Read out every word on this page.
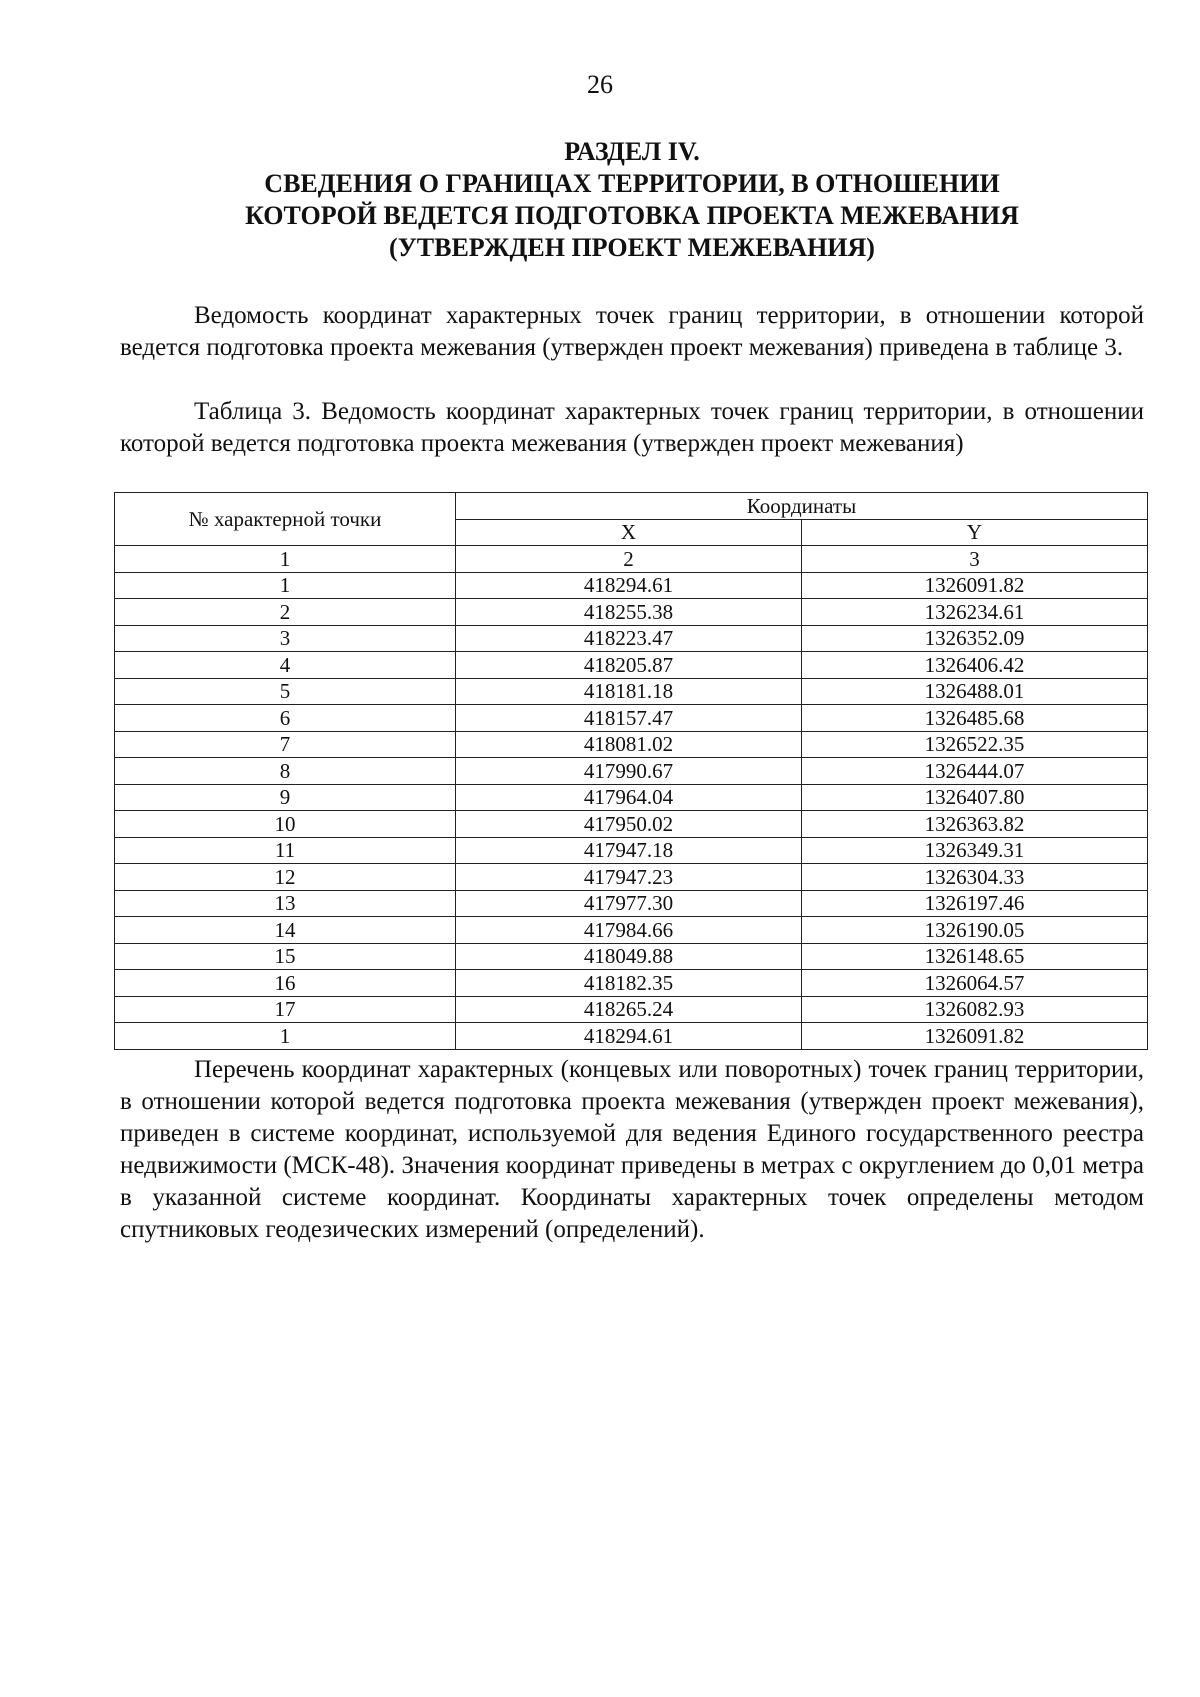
26
РАЗДЕЛ IV.
СВЕДЕНИЯ О ГРАНИЦАХ ТЕРРИТОРИИ, В ОТНОШЕНИИ
КОТОРОЙ ВЕДЕТСЯ ПОДГОТОВКА ПРОЕКТА МЕЖЕВАНИЯ
(УТВЕРЖДЕН ПРОЕКТ МЕЖЕВАНИЯ)

Ведомость координат характерных точек границ территории, в отношении которой ведется подготовка проекта межевания (утвержден проект межевания) приведена в таблице 3.

Таблица 3. Ведомость координат характерных точек границ территории, в отношении которой ведется подготовка проекта межевания (утвержден проект межевания)

№ характерной точки	Координаты	
	X	Y
1	2	3
1	418294.61	1326091.82
2	418255.38	1326234.61
3	418223.47	1326352.09
4	418205.87	1326406.42
5	418181.18	1326488.01
6	418157.47	1326485.68
7	418081.02	1326522.35
8	417990.67	1326444.07
9	417964.04	1326407.80
10	417950.02	1326363.82
11	417947.18	1326349.31
12	417947.23	1326304.33
13	417977.30	1326197.46
14	417984.66	1326190.05
15	418049.88	1326148.65
16	418182.35	1326064.57
17	418265.24	1326082.93
1	418294.61	1326091.82

Перечень координат характерных (концевых или поворотных) точек границ территории, в отношении которой ведется подготовка проекта межевания (утвержден проект межевания), приведен в системе координат, используемой для ведения Единого государственного реестра недвижимости (МСК-48). Значения координат приведены в метрах с округлением до 0,01 метра в указанной системе координат. Координаты характерных точек определены методом спутниковых геодезических измерений (определений).
